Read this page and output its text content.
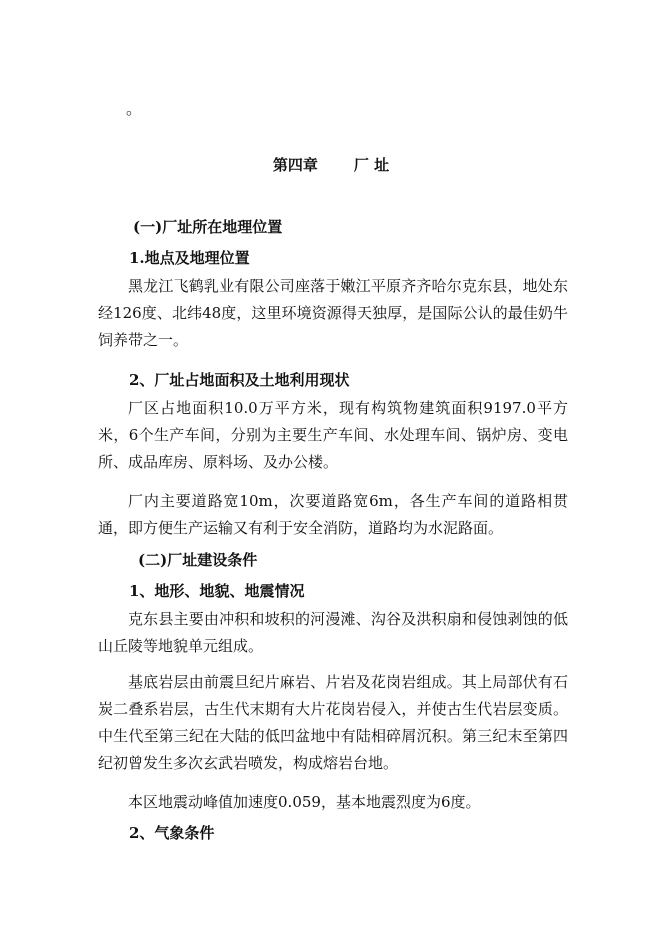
。
第四章 厂 址
(一)厂址所在地理位置
1.地点及地理位置

黑龙江飞鹤乳业有限公司座落于嫩江平原齐齐哈尔克东县，地处东经126度、北纬48度，这里环境资源得天独厚，是国际公认的最佳奶牛饲养带之一。

2、厂址占地面积及土地利用现状

厂区占地面积10.0万平方米，现有构筑物建筑面积9197.0平方米，6个生产车间，分别为主要生产车间、水处理车间、锅炉房、变电所、成品库房、原料场、及办公楼。

厂内主要道路宽10m，次要道路宽6m，各生产车间的道路相贯通，即方便生产运输又有利于安全消防，道路均为水泥路面。

(二)厂址建设条件
1、地形、地貌、地震情况

克东县主要由冲积和坡积的河漫滩、沟谷及洪积扇和侵蚀剥蚀的低山丘陵等地貌单元组成。

基底岩层由前震旦纪片麻岩、片岩及花岗岩组成。其上局部伏有石炭二叠系岩层，古生代末期有大片花岗岩侵入，并使古生代岩层变质。中生代至第三纪在大陆的低凹盆地中有陆相碎屑沉积。第三纪末至第四纪初曾发生多次玄武岩喷发，构成熔岩台地。

本区地震动峰值加速度0.059，基本地震烈度为6度。

2、气象条件
